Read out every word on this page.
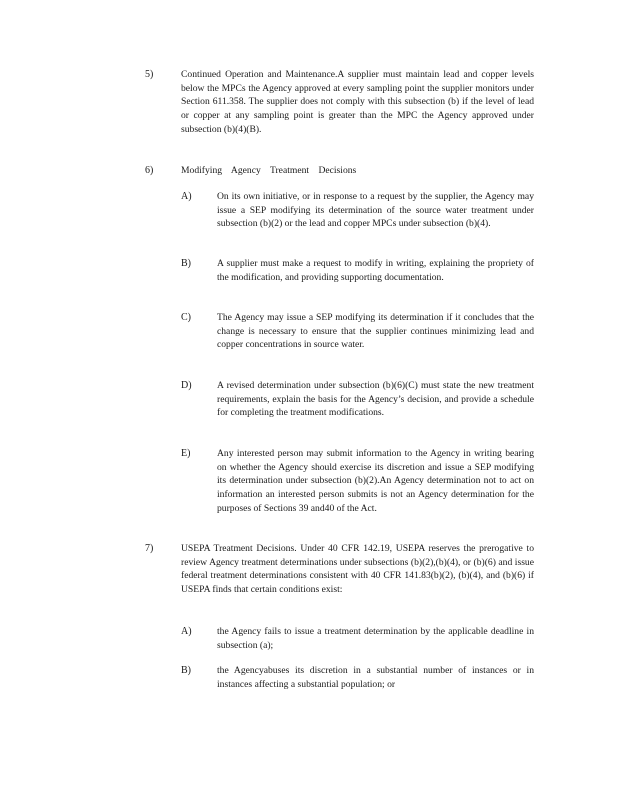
5)	Continued Operation and Maintenance.A supplier must maintain lead and copper levels below the MPCs the Agency approved at every sampling point the supplier monitors under Section 611.358. The supplier does not comply with this subsection (b) if the level of lead or copper at any sampling point is greater than the MPC the Agency approved under subsection (b)(4)(B).
6)	Modifying Agency Treatment Decisions
A)	On its own initiative, or in response to a request by the supplier, the Agency may issue a SEP modifying its determination of the source water treatment under subsection (b)(2) or the lead and copper MPCs under subsection (b)(4).
B)	A supplier must make a request to modify in writing, explaining the propriety of the modification, and providing supporting documentation.
C)	The Agency may issue a SEP modifying its determination if it concludes that the change is necessary to ensure that the supplier continues minimizing lead and copper concentrations in source water.
D)	A revised determination under subsection (b)(6)(C) must state the new treatment requirements, explain the basis for the Agency’s decision, and provide a schedule for completing the treatment modifications.
E)	Any interested person may submit information to the Agency in writing bearing on whether the Agency should exercise its discretion and issue a SEP modifying its determination under subsection (b)(2).An Agency determination not to act on information an interested person submits is not an Agency determination for the purposes of Sections 39 and40 of the Act.
7)	USEPA Treatment Decisions. Under 40 CFR 142.19, USEPA reserves the prerogative to review Agency treatment determinations under subsections (b)(2),(b)(4), or (b)(6) and issue federal treatment determinations consistent with 40 CFR 141.83(b)(2), (b)(4), and (b)(6) if USEPA finds that certain conditions exist:
A)	the Agency fails to issue a treatment determination by the applicable deadline in subsection (a);
B)	the Agencyabuses its discretion in a substantial number of instances or in instances affecting a substantial population; or
